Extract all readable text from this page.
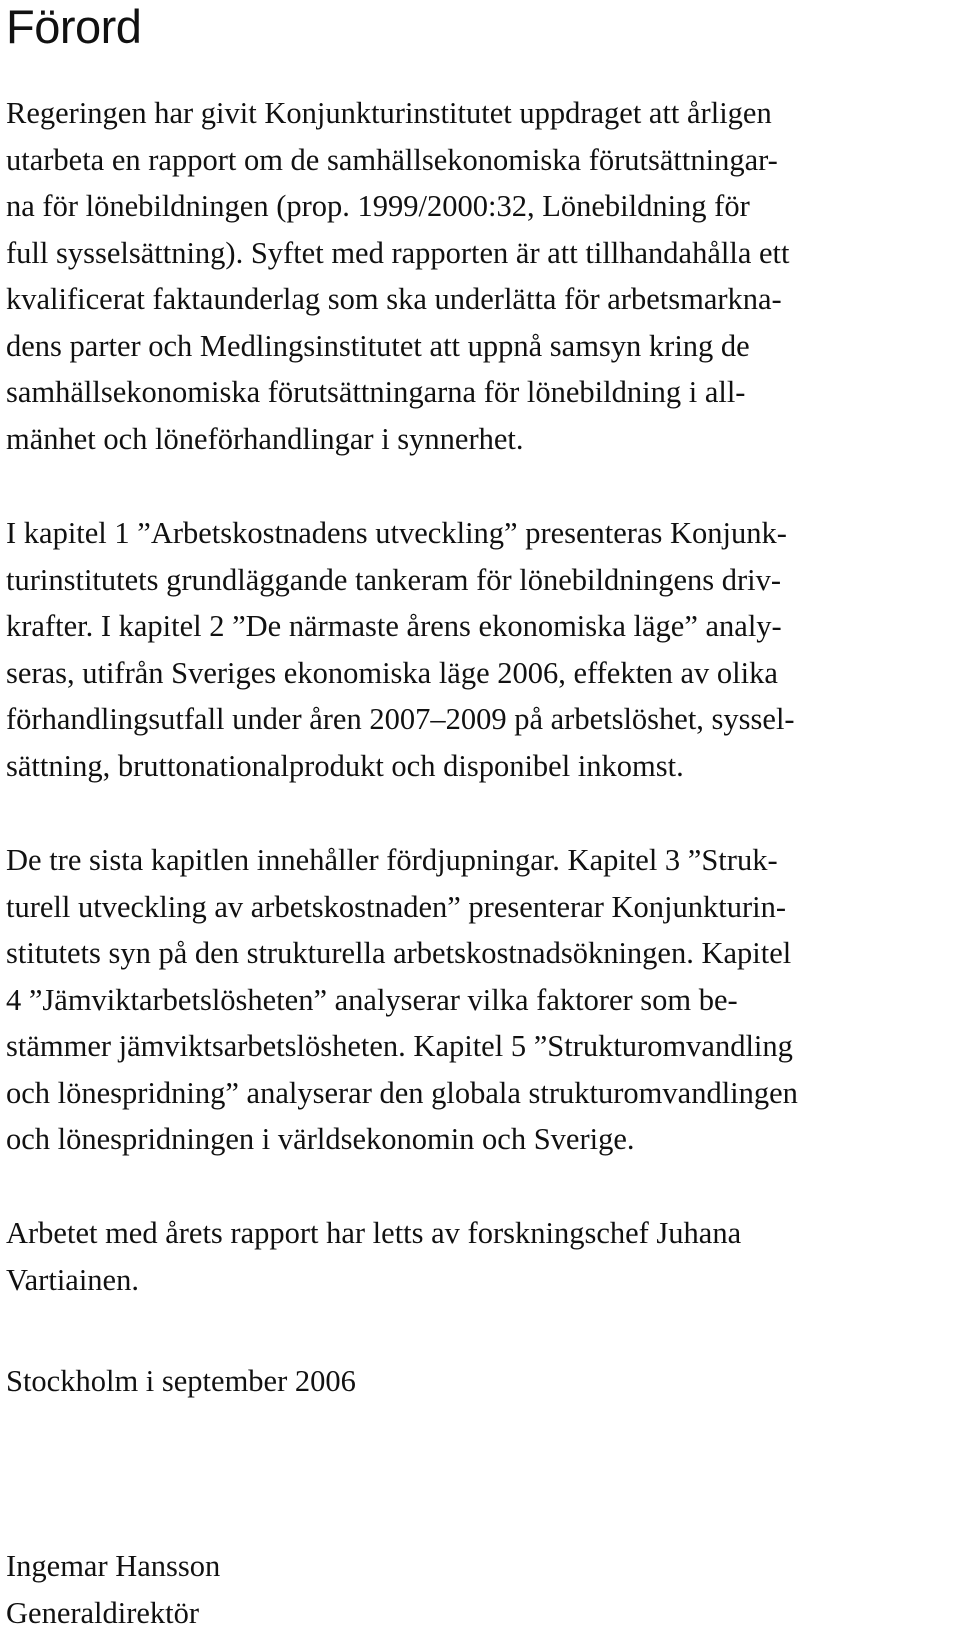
Förord
Regeringen har givit Konjunkturinstitutet uppdraget att årligen
utarbeta en rapport om de samhällsekonomiska förutsättningar-
na för lönebildningen (prop. 1999/2000:32, Lönebildning för
full sysselsättning). Syftet med rapporten är att tillhandahålla ett
kvalificerat faktaunderlag som ska underlätta för arbetsmarkna-
dens parter och Medlingsinstitutet att uppnå samsyn kring de
samhällsekonomiska förutsättningarna för lönebildning i all-
mänhet och löneförhandlingar i synnerhet.
I kapitel 1 ”Arbetskostnadens utveckling” presenteras Konjunk-
turinstitutets grundläggande tankeram för lönebildningens driv-
krafter. I kapitel 2 ”De närmaste årens ekonomiska läge” analy-
seras, utifrån Sveriges ekonomiska läge 2006, effekten av olika
förhandlingsutfall under åren 2007–2009 på arbetslöshet, syssel-
sättning, bruttonationalprodukt och disponibel inkomst.
De tre sista kapitlen innehåller fördjupningar. Kapitel 3 ”Struk-
turell utveckling av arbetskostnaden” presenterar Konjunkturin-
stitutets syn på den strukturella arbetskostnadsökningen. Kapitel
4 ”Jämviktarbetslösheten” analyserar vilka faktorer som be-
stämmer jämviktsarbetslösheten. Kapitel 5 ”Strukturomvandling
och lönespridning” analyserar den globala strukturomvandlingen
och lönespridningen i världsekonomin och Sverige.
Arbetet med årets rapport har letts av forskningschef Juhana
Vartiainen.
Stockholm i september 2006
Ingemar Hansson
Generaldirektör
